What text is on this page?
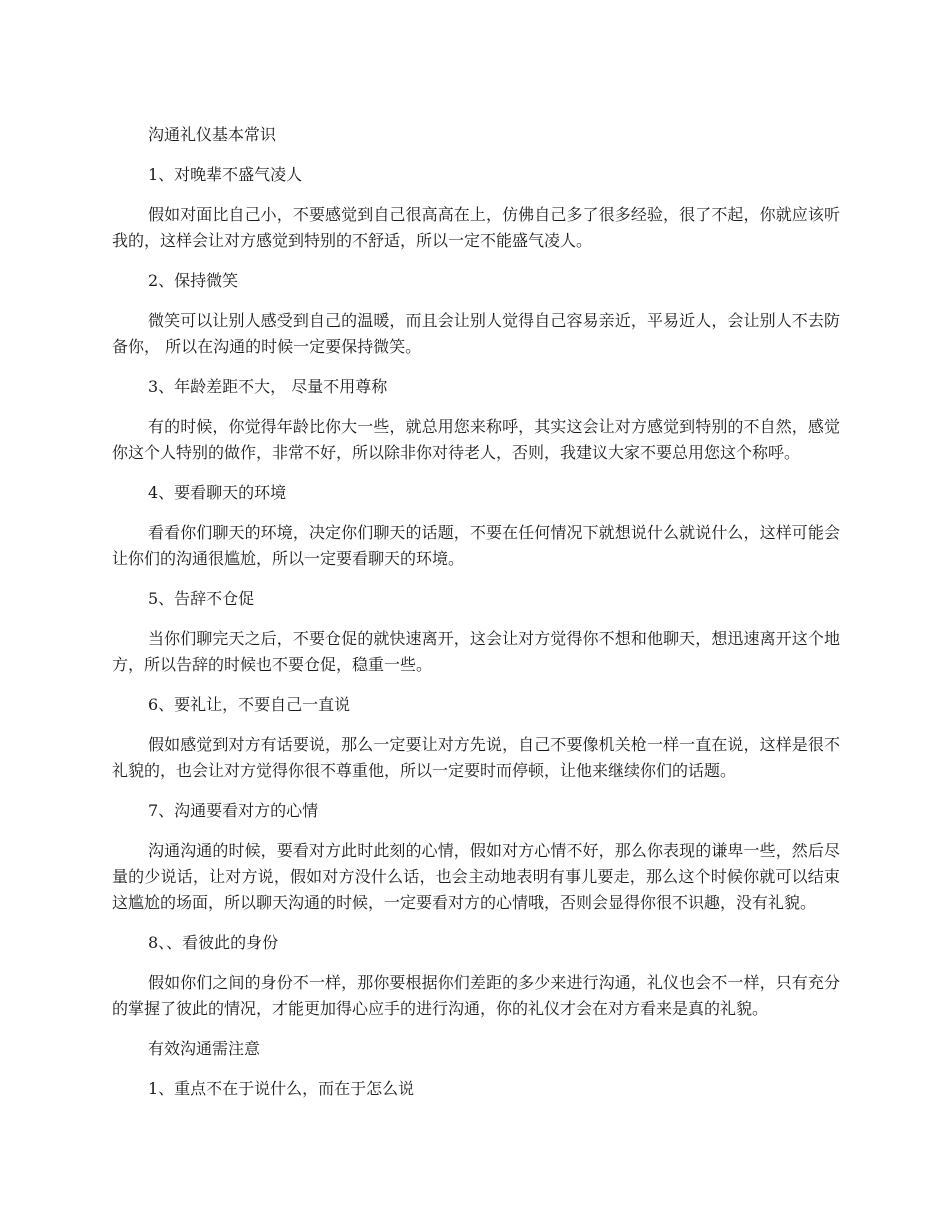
沟通礼仪基本常识

1、对晚辈不盛气凌人

假如对面比自己小，不要感觉到自己很高高在上，仿佛自己多了很多经验，很了不起，你就应该听我的，这样会让对方感觉到特别的不舒适，所以一定不能盛气凌人。

2、保持微笑

微笑可以让别人感受到自己的温暖，而且会让别人觉得自己容易亲近，平易近人，会让别人不去防备你， 所以在沟通的时候一定要保持微笑。

3、年龄差距不大， 尽量不用尊称

有的时候，你觉得年龄比你大一些，就总用您来称呼，其实这会让对方感觉到特别的不自然，感觉你这个人特别的做作，非常不好，所以除非你对待老人，否则，我建议大家不要总用您这个称呼。

4、要看聊天的环境

看看你们聊天的环境，决定你们聊天的话题，不要在任何情况下就想说什么就说什么，这样可能会让你们的沟通很尴尬，所以一定要看聊天的环境。

5、告辞不仓促

当你们聊完天之后，不要仓促的就快速离开，这会让对方觉得你不想和他聊天，想迅速离开这个地方，所以告辞的时候也不要仓促，稳重一些。

6、要礼让，不要自己一直说

假如感觉到对方有话要说，那么一定要让对方先说，自己不要像机关枪一样一直在说，这样是很不礼貌的，也会让对方觉得你很不尊重他，所以一定要时而停顿，让他来继续你们的话题。

7、沟通要看对方的心情

沟通沟通的时候，要看对方此时此刻的心情，假如对方心情不好，那么你表现的谦卑一些，然后尽量的少说话，让对方说，假如对方没什么话，也会主动地表明有事儿要走，那么这个时候你就可以结束这尴尬的场面，所以聊天沟通的时候，一定要看对方的心情哦，否则会显得你很不识趣，没有礼貌。

8、、看彼此的身份

假如你们之间的身份不一样，那你要根据你们差距的多少来进行沟通，礼仪也会不一样，只有充分的掌握了彼此的情况，才能更加得心应手的进行沟通，你的礼仪才会在对方看来是真的礼貌。

有效沟通需注意

1、重点不在于说什么，而在于怎么说
